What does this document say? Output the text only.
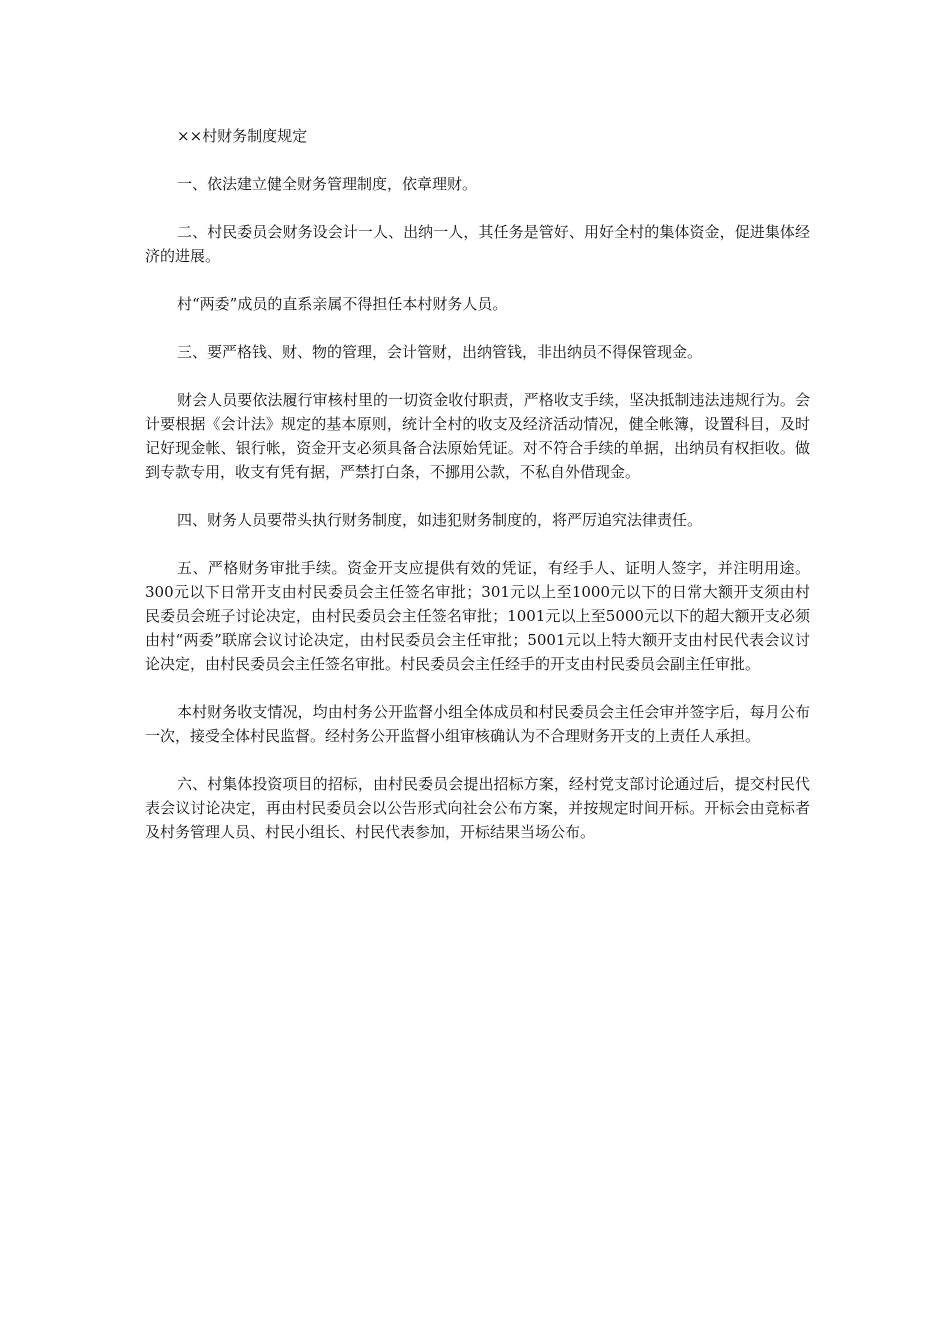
××村财务制度规定

一、依法建立健全财务管理制度，依章理财。

二、村民委员会财务设会计一人、出纳一人，其任务是管好、用好全村的集体资金，促进集体经济的进展。

村“两委”成员的直系亲属不得担任本村财务人员。

三、要严格钱、财、物的管理，会计管财，出纳管钱，非出纳员不得保管现金。

财会人员要依法履行审核村里的一切资金收付职责，严格收支手续，坚决抵制违法违规行为。会计要根据《会计法》规定的基本原则，统计全村的收支及经济活动情况，健全帐簿，设置科目，及时记好现金帐、银行帐，资金开支必须具备合法原始凭证。对不符合手续的单据，出纳员有权拒收。做到专款专用，收支有凭有据，严禁打白条，不挪用公款，不私自外借现金。

四、财务人员要带头执行财务制度，如违犯财务制度的，将严厉追究法律责任。

五、严格财务审批手续。资金开支应提供有效的凭证，有经手人、证明人签字，并注明用途。300元以下日常开支由村民委员会主任签名审批；301元以上至1000元以下的日常大额开支须由村民委员会班子讨论决定，由村民委员会主任签名审批；1001元以上至5000元以下的超大额开支必须由村“两委”联席会议讨论决定，由村民委员会主任审批；5001元以上特大额开支由村民代表会议讨论决定，由村民委员会主任签名审批。村民委员会主任经手的开支由村民委员会副主任审批。

本村财务收支情况，均由村务公开监督小组全体成员和村民委员会主任会审并签字后，每月公布一次，接受全体村民监督。经村务公开监督小组审核确认为不合理财务开支的上责任人承担。

六、村集体投资项目的招标，由村民委员会提出招标方案，经村党支部讨论通过后，提交村民代表会议讨论决定，再由村民委员会以公告形式向社会公布方案，并按规定时间开标。开标会由竞标者及村务管理人员、村民小组长、村民代表参加，开标结果当场公布。
